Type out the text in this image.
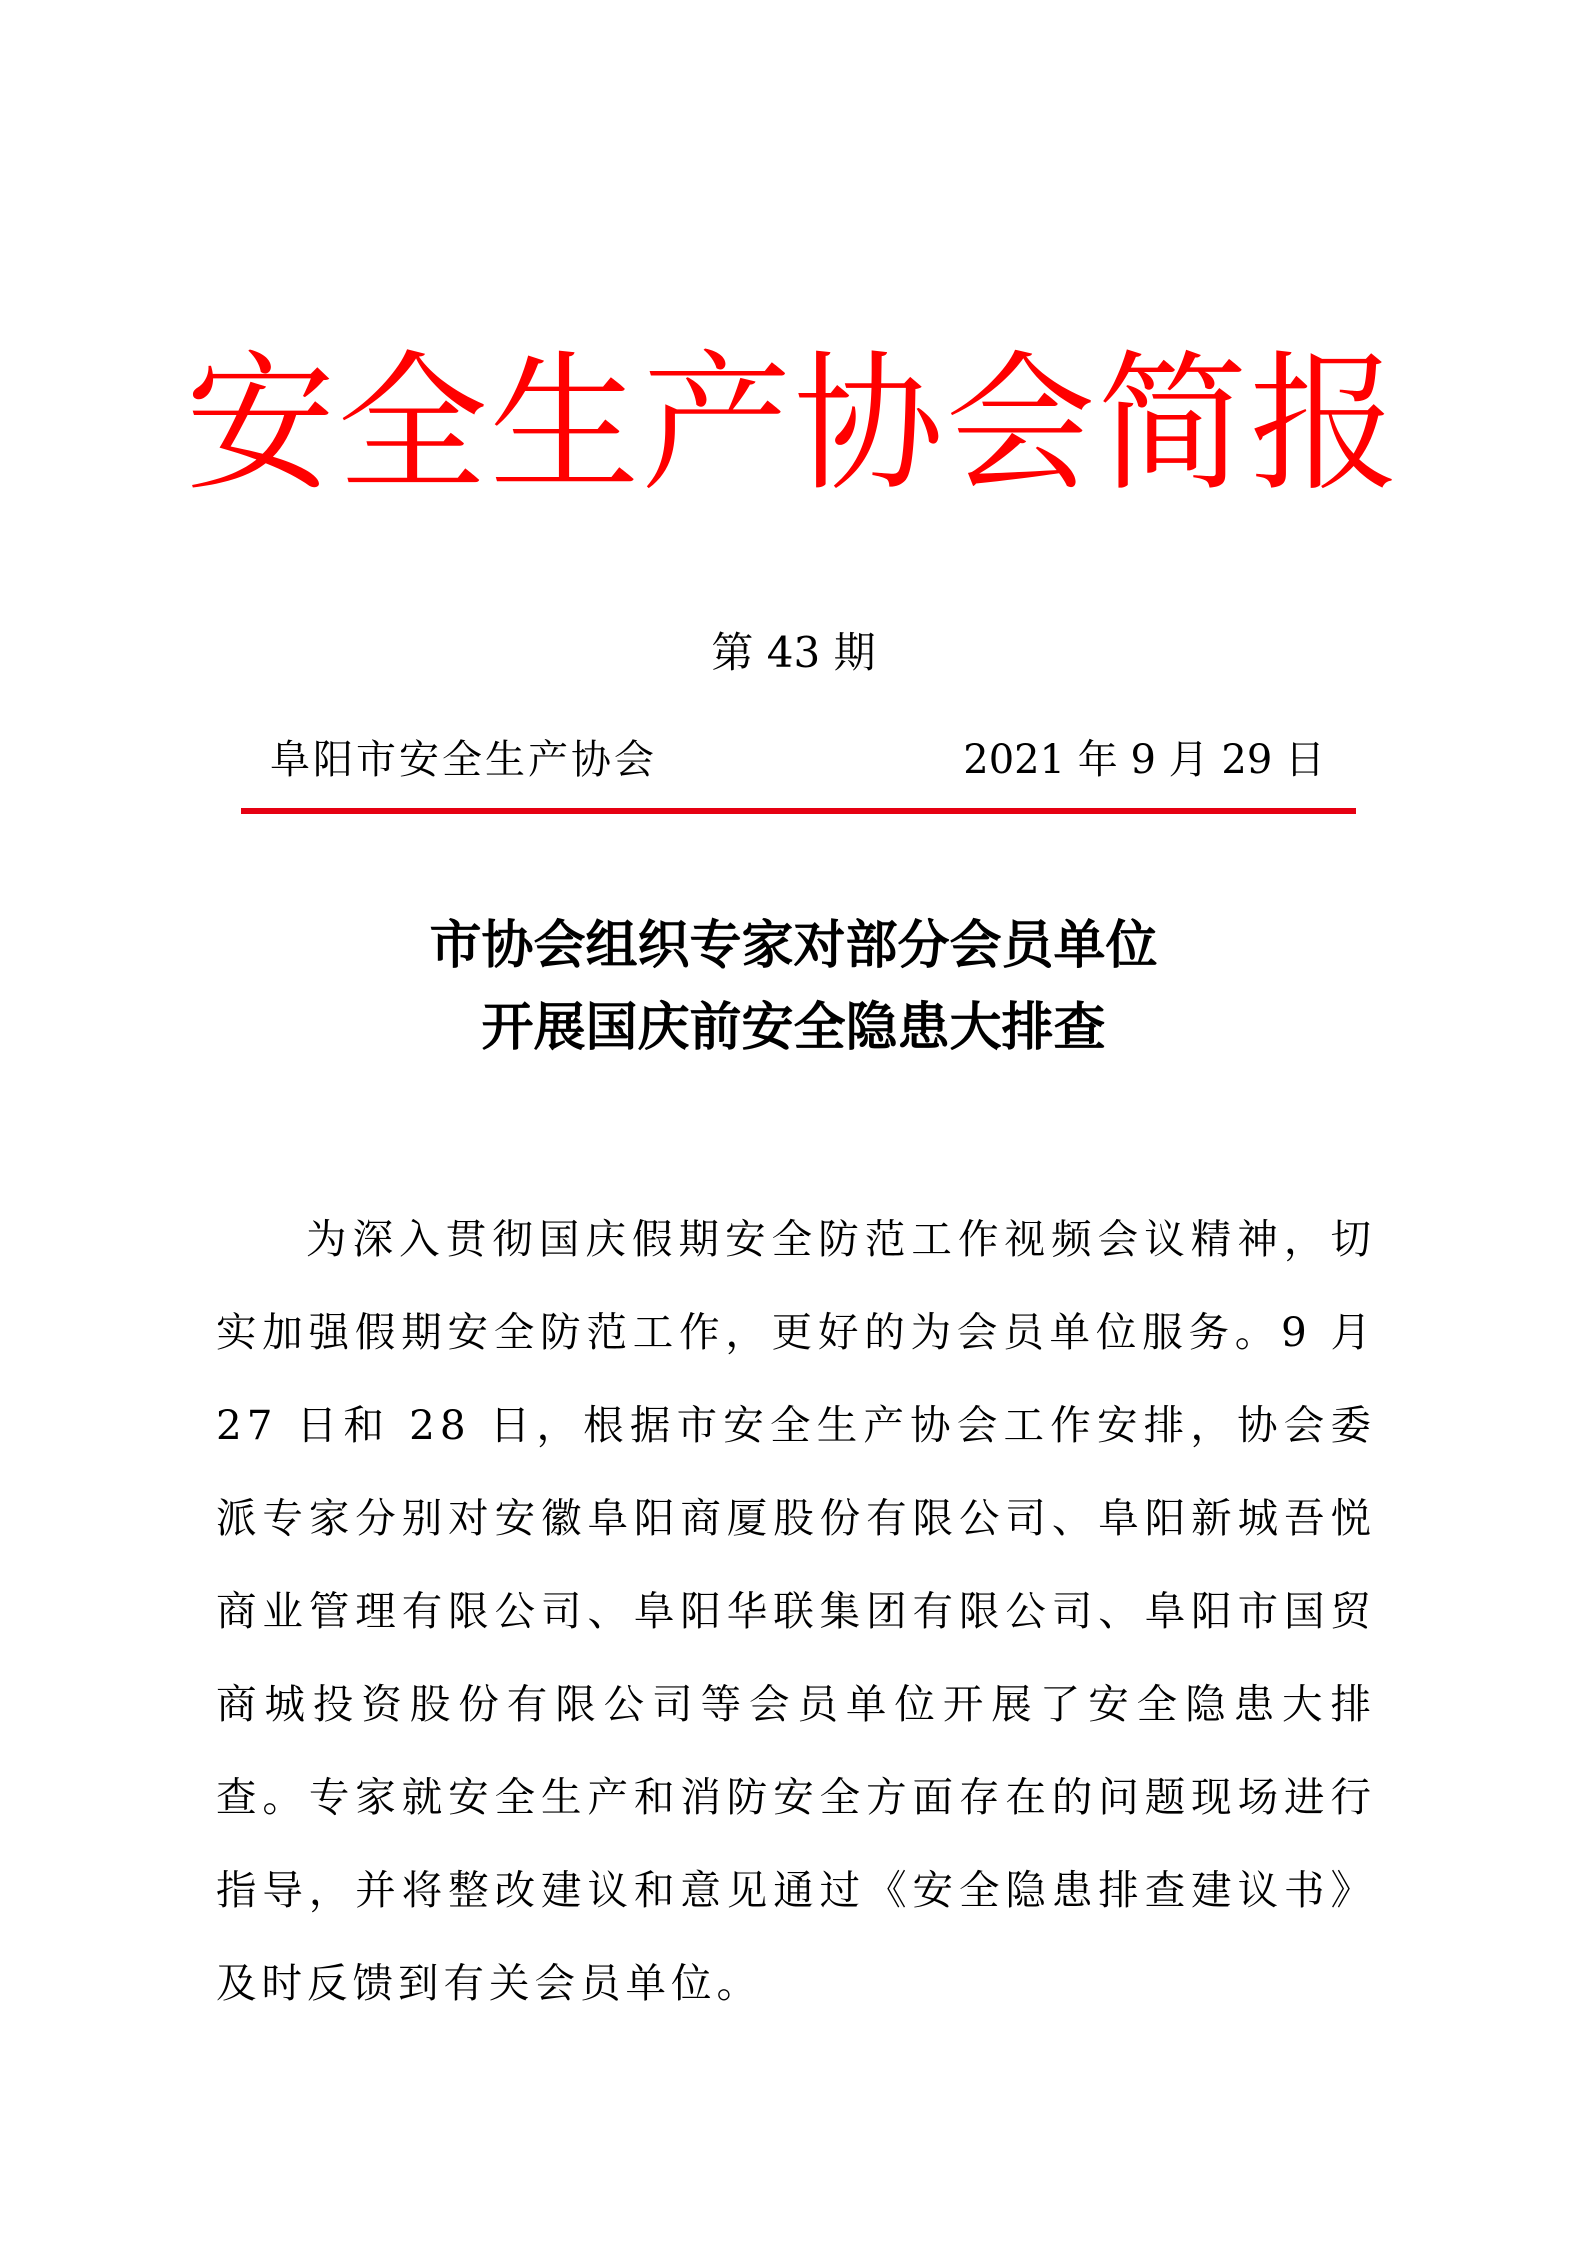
安全生产协会简报
第 43 期
阜阳市安全生产协会	2021 年 9 月 29 日
市协会组织专家对部分会员单位
开展国庆前安全隐患大排查

为深入贯彻国庆假期安全防范工作视频会议精神，切实加强假期安全防范工作，更好的为会员单位服务。9 月 27 日和 28 日，根据市安全生产协会工作安排，协会委派专家分别对安徽阜阳商厦股份有限公司、阜阳新城吾悦商业管理有限公司、阜阳华联集团有限公司、阜阳市国贸商城投资股份有限公司等会员单位开展了安全隐患大排查。专家就安全生产和消防安全方面存在的问题现场进行指导，并将整改建议和意见通过《安全隐患排查建议书》及时反馈到有关会员单位。
